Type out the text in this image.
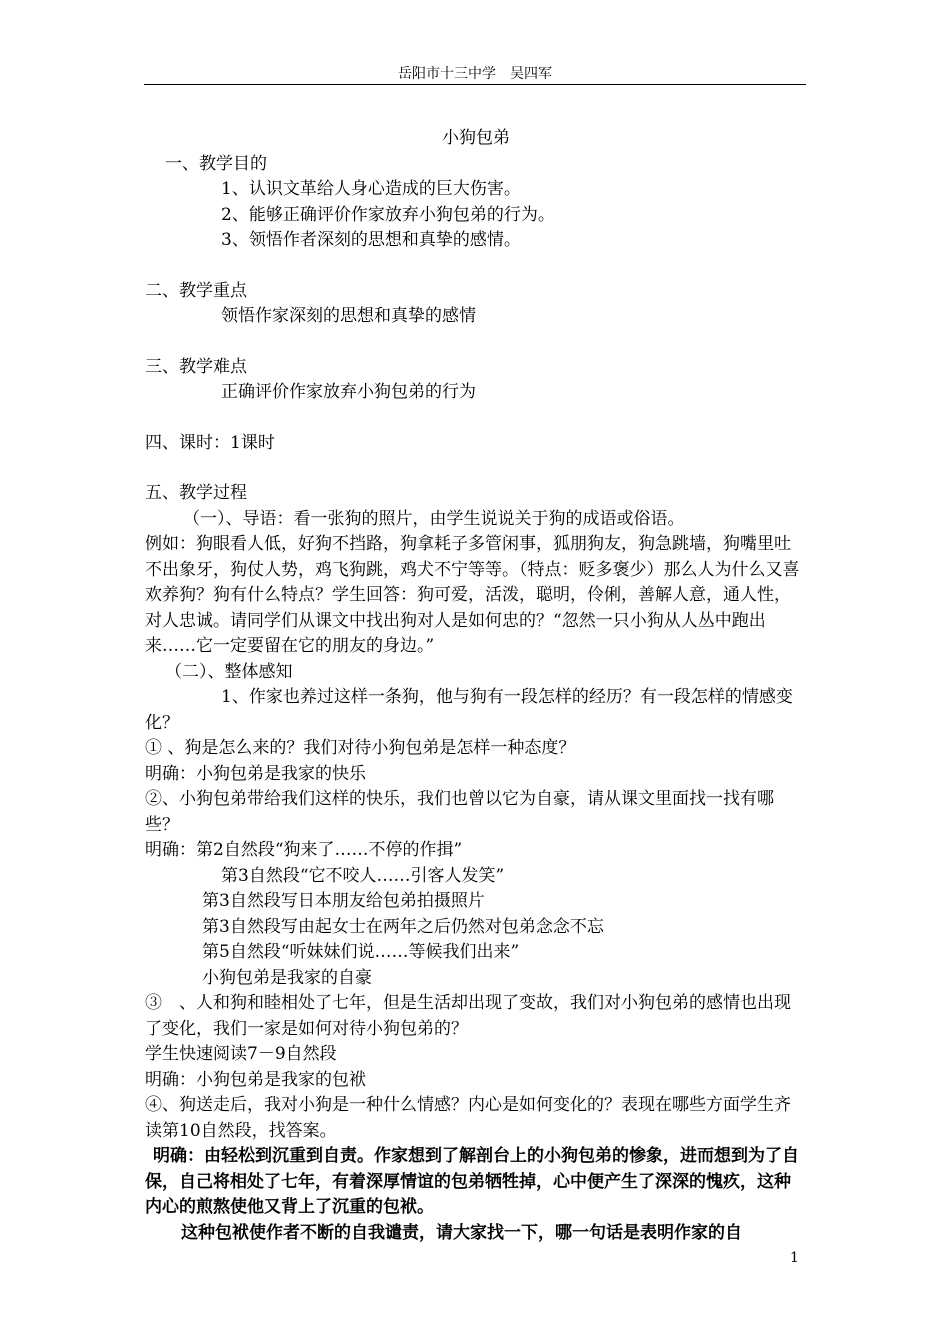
岳阳市十三中学　吴四军

小狗包弟

一、教学目的

1、认识文革给人身心造成的巨大伤害。

2、能够正确评价作家放弃小狗包弟的行为。

3、领悟作者深刻的思想和真挚的感情。

二、教学重点

领悟作家深刻的思想和真挚的感情

三、教学难点

正确评价作家放弃小狗包弟的行为

四、课时：1课时

五、教学过程

（一）、导语：看一张狗的照片，由学生说说关于狗的成语或俗语。

例如：狗眼看人低，好狗不挡路，狗拿耗子多管闲事，狐朋狗友，狗急跳墙，狗嘴里吐不出象牙，狗仗人势，鸡飞狗跳，鸡犬不宁等等。（特点：贬多褒少）那么人为什么又喜欢养狗？狗有什么特点？学生回答：狗可爱，活泼，聪明，伶俐，善解人意，通人性，对人忠诚。请同学们从课文中找出狗对人是如何忠的？“忽然一只小狗从人丛中跑出来……它一定要留在它的朋友的身边。”

（二）、整体感知

1、作家也养过这样一条狗，他与狗有一段怎样的经历？有一段怎样的情感变化？

① 、狗是怎么来的？我们对待小狗包弟是怎样一种态度？

明确：小狗包弟是我家的快乐

②、小狗包弟带给我们这样的快乐，我们也曾以它为自豪，请从课文里面找一找有哪些？

明确：第2自然段“狗来了……不停的作揖”

第3自然段“它不咬人……引客人发笑”

第3自然段写日本朋友给包弟拍摄照片

第3自然段写由起女士在两年之后仍然对包弟念念不忘

第5自然段“听妹妹们说……等候我们出来”

小狗包弟是我家的自豪

③　、人和狗和睦相处了七年，但是生活却出现了变故，我们对小狗包弟的感情也出现了变化，我们一家是如何对待小狗包弟的？

学生快速阅读7－9自然段

明确：小狗包弟是我家的包袱

④、狗送走后，我对小狗是一种什么情感？内心是如何变化的？表现在哪些方面学生齐读第10自然段，找答案。

明确：由轻松到沉重到自责。作家想到了解剖台上的小狗包弟的惨象，进而想到为了自保，自己将相处了七年，有着深厚情谊的包弟牺牲掉，心中便产生了深深的愧疚，这种内心的煎熬使他又背上了沉重的包袱。

这种包袱使作者不断的自我谴责，请大家找一下，哪一句话是表明作家的自

1
